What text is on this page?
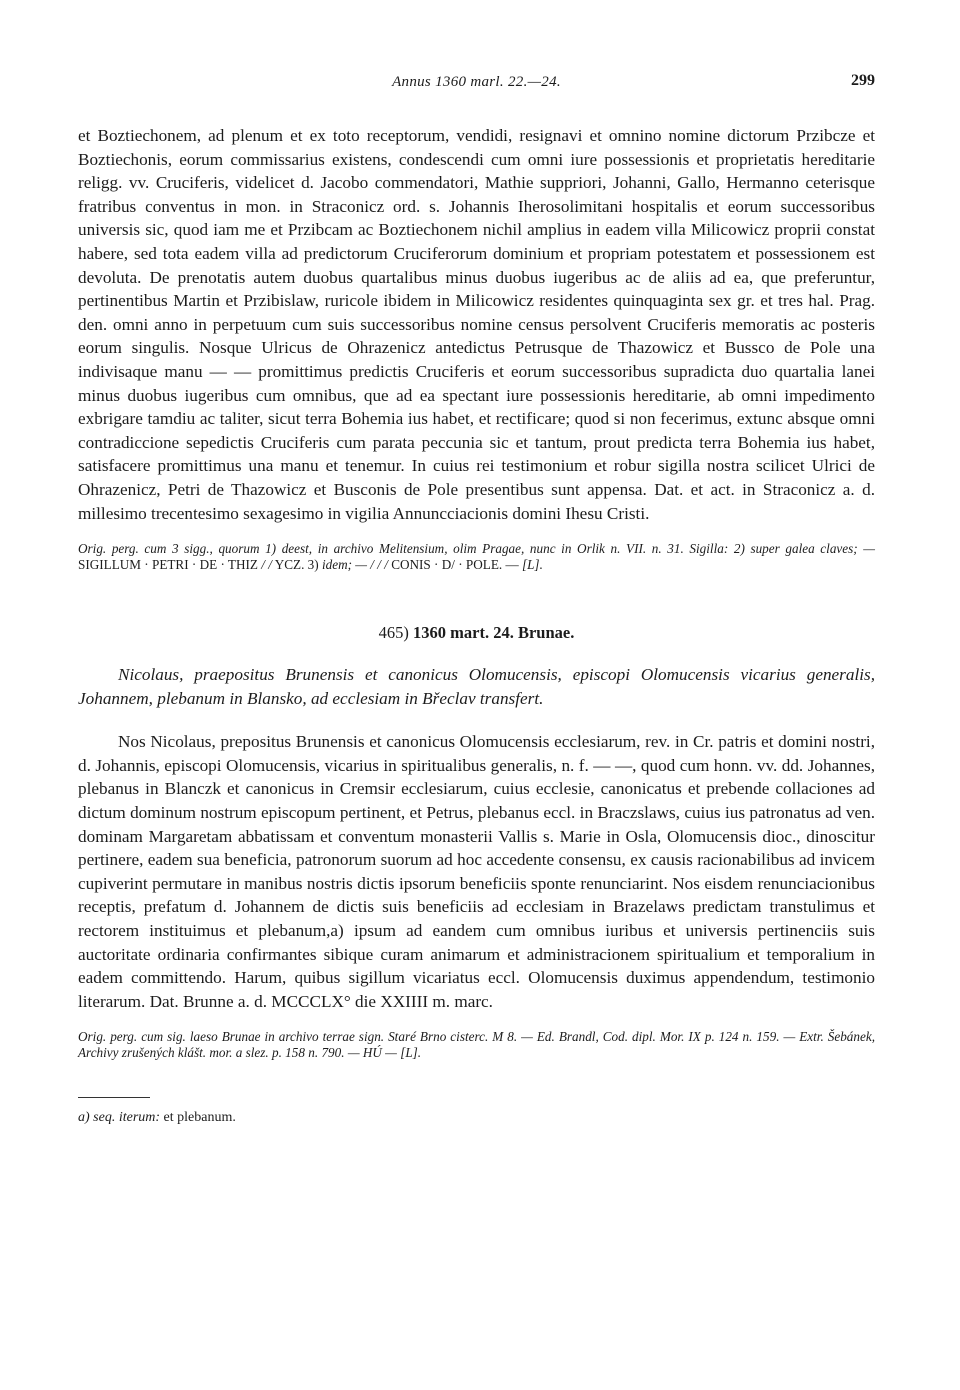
Annus 1360 marl. 22.—24.	299

et Boztiechonem, ad plenum et ex toto receptorum, vendidi, resignavi et omnino nomine dictorum Przibcze et Boztiechonis, eorum commissarius existens, condescendi cum omni iure possessionis et proprietatis hereditarie religg. vv. Cruciferis, videlicet d. Jacobo commendatori, Mathie suppriori, Johanni, Gallo, Hermanno ceterisque fratribus conventus in mon. in Straconicz ord. s. Johannis Iherosolimitani hospitalis et eorum successoribus universis sic, quod iam me et Przibcam ac Boztiechonem nichil amplius in eadem villa Milicowicz proprii constat habere, sed tota eadem villa ad predictorum Cruciferorum dominium et propriam potestatem et possessionem est devoluta. De prenotatis autem duobus quartalibus minus duobus iugeribus ac de aliis ad ea, que preferuntur, pertinentibus Martin et Przibislaw, ruricole ibidem in Milicowicz residentes quinquaginta sex gr. et tres hal. Prag. den. omni anno in perpetuum cum suis successoribus nomine census persolvent Cruciferis memoratis ac posteris eorum singulis. Nosque Ulricus de Ohrazenicz antedictus Petrusque de Thazowicz et Bussco de Pole una indivisaque manu — — promittimus predictis Cruciferis et eorum successoribus supradicta duo quartalia lanei minus duobus iugeribus cum omnibus, que ad ea spectant iure possessionis hereditarie, ab omni impedimento exbrigare tamdiu ac taliter, sicut terra Bohemia ius habet, et rectificare; quod si non fecerimus, extunc absque omni contradiccione sepedictis Cruciferis cum parata peccunia sic et tantum, prout predicta terra Bohemia ius habet, satisfacere promittimus una manu et tenemur. In cuius rei testimonium et robur sigilla nostra scilicet Ulrici de Ohrazenicz, Petri de Thazowicz et Busconis de Pole presentibus sunt appensa. Dat. et act. in Straconicz a. d. millesimo trecentesimo sexagesimo in vigilia Annuncciacionis domini Ihesu Cristi.

Orig. perg. cum 3 sigg., quorum 1) deest, in archivo Melitensium, olim Pragae, nunc in Orlik n. VII. n. 31. Sigilla: 2) super galea claves; — SIGILLUM · PETRI · DE · THIZ / / YCZ. 3) idem; — / / / CONIS · D/ · POLE. — [L].

465) 1360 mart. 24. Brunae.

Nicolaus, praepositus Brunensis et canonicus Olomucensis, episcopi Olomucensis vicarius generalis, Johannem, plebanum in Blansko, ad ecclesiam in Břeclav transfert.

Nos Nicolaus, prepositus Brunensis et canonicus Olomucensis ecclesiarum, rev. in Cr. patris et domini nostri, d. Johannis, episcopi Olomucensis, vicarius in spiritualibus generalis, n. f. — —, quod cum honn. vv. dd. Johannes, plebanus in Blanczk et canonicus in Cremsir ecclesiarum, cuius ecclesie, canonicatus et prebende collaciones ad dictum dominum nostrum episcopum pertinent, et Petrus, plebanus eccl. in Braczslaws, cuius ius patronatus ad ven. dominam Margaretam abbatissam et conventum monasterii Vallis s. Marie in Osla, Olomucensis dioc., dinoscitur pertinere, eadem sua beneficia, patronorum suorum ad hoc accedente consensu, ex causis racionabilibus ad invicem cupiverint permutare in manibus nostris dictis ipsorum beneficiis sponte renunciarint. Nos eisdem renunciacionibus receptis, prefatum d. Johannem de dictis suis beneficiis ad ecclesiam in Brazelaws predictam transtulimus et rectorem instituimus et plebanum,a) ipsum ad eandem cum omnibus iuribus et universis pertinenciis suis auctoritate ordinaria confirmantes sibique curam animarum et administracionem spiritualium et temporalium in eadem committendo. Harum, quibus sigillum vicariatus eccl. Olomucensis duximus appendendum, testimonio literarum. Dat. Brunne a. d. MCCCLX° die XXIIII m. marc.

Orig. perg. cum sig. laeso Brunae in archivo terrae sign. Staré Brno cisterc. M 8. — Ed. Brandl, Cod. dipl. Mor. IX p. 124 n. 159. — Extr. Šebánek, Archivy zrušených klášt. mor. a slez. p. 158 n. 790. — HÚ — [L].

a) seq. iterum: et plebanum.
